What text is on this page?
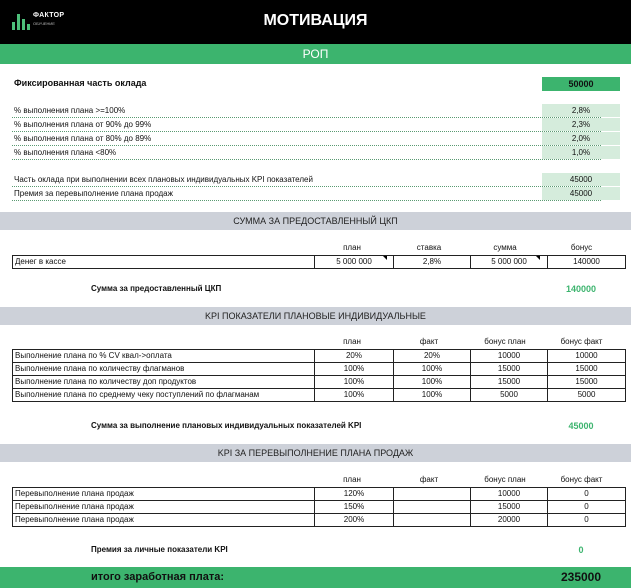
ФАКТОР
ОБУЧЕНИЕ	МОТИВАЦИЯ
РОП
Фиксированная часть оклада	50000
% выполнения плана >=100%	2,8%
% выполнения плана от 90% до 99%	2,3%
% выполнения плана от 80% до 89%	2,0%
% выполнения плана <80%	1,0%
Часть оклада при выполнении всех плановых индивидуальных KPI показателей	45000
Премия за перевыполнение плана продаж	45000
СУММА ЗА ПРЕДОСТАВЛЕННЫЙ ЦКП
план	ставка	сумма	бонус
Денег в кассе	5 000 000	2,8%	5 000 000	140000
Сумма за предоставленный ЦКП	140000
KPI ПОКАЗАТЕЛИ ПЛАНОВЫЕ ИНДИВИДУАЛЬНЫЕ
план	факт	бонус план	бонус факт
Выполнение плана по % CV квал->оплата	20%	20%	10000	10000
Выполнение плана по количеству флагманов	100%	100%	15000	15000
Выполнение плана по количеству доп продуктов	100%	100%	15000	15000
Выполнение плана по среднему чеку поступлений по флагманам	100%	100%	5000	5000
Сумма за выполнение плановых индивидуальных показателей KPI	45000
KPI ЗА ПЕРЕВЫПОЛНЕНИЕ ПЛАНА ПРОДАЖ
план	факт	бонус план	бонус факт
Перевыполнение плана продаж	120%		10000	0
Перевыполнение плана продаж	150%		15000	0
Перевыполнение плана продаж	200%		20000	0
Премия за личные показатели KPI	0
итого заработная плата:	235000
